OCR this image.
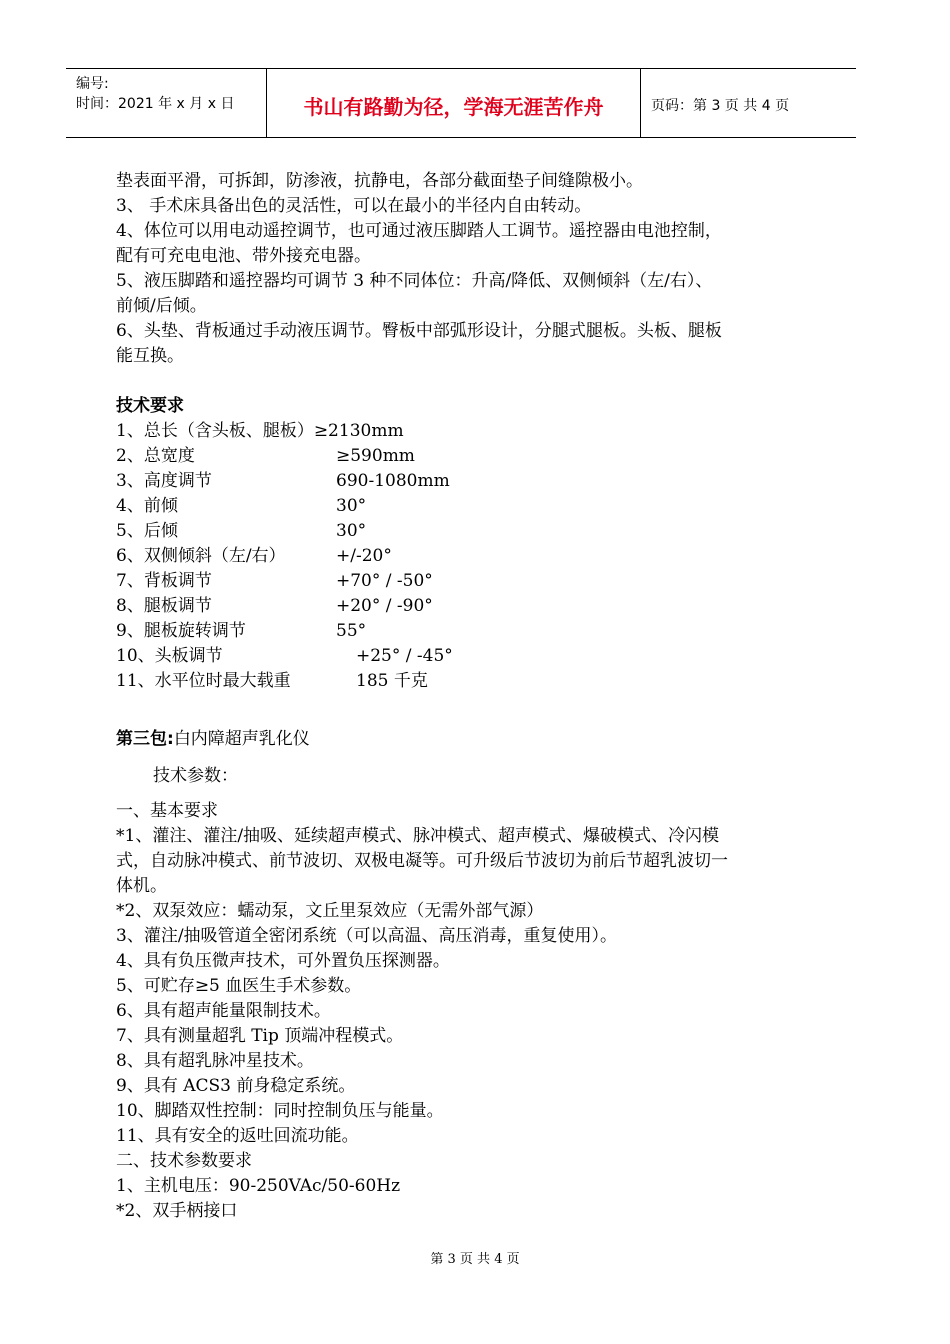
编号:
时间：2021 年 x 月 x 日	书山有路勤为径，学海无涯苦作舟	页码：第 3 页 共 4 页
垫表面平滑，可拆卸，防渗液，抗静电，各部分截面垫子间缝隙极小。
3、 手术床具备出色的灵活性，可以在最小的半径内自由转动。
4、体位可以用电动遥控调节，也可通过液压脚踏人工调节。遥控器由电池控制，
配有可充电电池、带外接充电器。
5、液压脚踏和遥控器均可调节 3 种不同体位：升高/降低、双侧倾斜（左/右）、
前倾/后倾。
6、头垫、背板通过手动液压调节。臀板中部弧形设计，分腿式腿板。头板、腿板
能互换。
技术要求
1、总长（含头板、腿板）≥2130mm
2、总宽度	≥590mm
3、高度调节	690-1080mm
4、前倾	30°
5、后倾	30°
6、双侧倾斜（左/右）	+/-20°
7、背板调节	+70° / -50°
8、腿板调节	+20° / -90°
9、腿板旋转调节	55°
10、头板调节	+25° / -45°
11、水平位时最大载重	185 千克
第三包:白内障超声乳化仪
技术参数：
一、基本要求
*1、灌注、灌注/抽吸、延续超声模式、脉冲模式、超声模式、爆破模式、冷闪模
式，自动脉冲模式、前节波切、双极电凝等。可升级后节波切为前后节超乳波切一
体机。
*2、双泵效应：蠕动泵，文丘里泵效应（无需外部气源）
3、灌注/抽吸管道全密闭系统（可以高温、高压消毒，重复使用）。
4、具有负压微声技术，可外置负压探测器。
5、可贮存≥5 血医生手术参数。
6、具有超声能量限制技术。
7、具有测量超乳 Tip 顶端冲程模式。
8、具有超乳脉冲星技术。
9、具有 ACS3 前身稳定系统。
10、脚踏双性控制：同时控制负压与能量。
11、具有安全的返吐回流功能。
二、技术参数要求
1、主机电压：90-250VAc/50-60Hz
*2、双手柄接口
第 3 页 共 4 页
